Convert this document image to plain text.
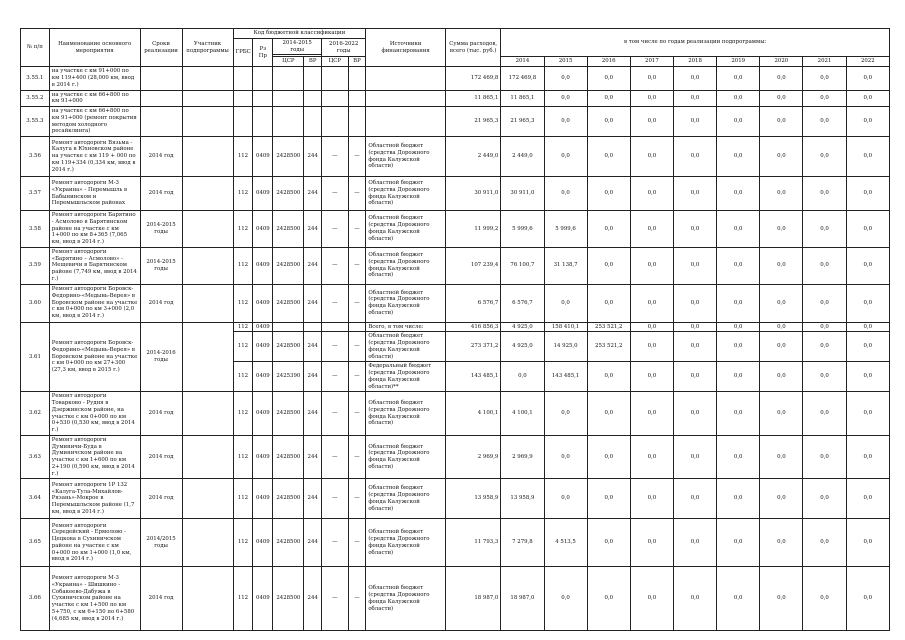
№ п/п	Наименование основного мероприятия	Сроки реализации	Участник подпрограммы	Код бюджетной классификации						Источники финансирования	Сумма расходов, всего (тыс. руб.)	в том числе по годам реализации подпрограммы:								
				ГРБС	Рз Пр	2014-2015 годы		2016-2022 годы												

						ЦСР	ВР	ЦСР	ВР			2014	2015	2016	2017	2018	2019	2020	2021	2022
3.55.1	на участке с км 91+000 по км 119+400 (28,000 км, ввод в 2014 г.)										172 469,8	172 469,8	0,0	0,0	0,0	0,0	0,0	0,0	0,0	0,0
3.55.2	на участке с км 66+800 по км 91+000										11 865,1	11 865,1	0,0	0,0	0,0	0,0	0,0	0,0	0,0	0,0
3.55.3	на участке с км 66+800 по км 91+000 (ремонт покрытия методом холодного ресайклинга)										21 965,3	21 965,3	0,0	0,0	0,0	0,0	0,0	0,0	0,0	0,0
3.56	Ремонт автодороги Вязьма - Калуга в Юхновском районе на участке с км 119 + 000 по км 119+334 (0,334 км, ввод в 2014 г.)	2014 год		112	0409	2428500	244	—	—	Областной бюджет (средства Дорожного фонда Калужской области)	2 449,0	2 449,0	0,0	0,0	0,0	0,0	0,0	0,0	0,0	0,0
3.57	Ремонт автодороги М-3 «Украина» - Перемышль в Бабынинском и Перемышльском районах	2014 год		112	0409	2428500	244	—	—	Областной бюджет (средства Дорожного фонда Калужской области)	30 911,0	30 911,0	0,0	0,0	0,0	0,0	0,0	0,0	0,0	0,0
3.58	Ремонт автодороги Барятино - Асмолово в Барятинском районе на участке с км 1+000 по км 8+365 (7,065 км, ввод в 2014 г.)	2014-2015 годы		112	0409	2428500	244	—	—	Областной бюджет (средства Дорожного фонда Калужской области)	11 999,2	5 999,6	5 999,6	0,0	0,0	0,0	0,0	0,0	0,0	0,0
3.59	Ремонт автодороги «Барятино – Асмолово» - Мещевичи в Барятинском районе (7,749 км, ввод в 2014 г.)	2014-2015 годы		112	0409	2428500	244	—	—	Областной бюджет (средства Дорожного фонда Калужской области)	107 239,4	76 100,7	31 138,7	0,0	0,0	0,0	0,0	0,0	0,0	0,0
3.60	Ремонт автодороги Боровск-Федорино-«Медынь-Верея» в Боровском районе на участке с км 0+000 по км 3+000 (2,0 км, ввод в 2014 г.)	2014 год		112	0409	2428500	244	—	—	Областной бюджет (средства Дорожного фонда Калужской области)	6 576,7	6 576,7	0,0	0,0	0,0	0,0	0,0	0,0	0,0	0,0
3.61	Ремонт автодороги Боровск-Федорино-«Медынь-Верея» в Боровском районе на участке с км 0+000 по км 27+300 (27,3 км, ввод в 2015 г.)	2014-2016 годы		112	0409					Всего, в том числе:	416 856,3	4 925,0	158 410,1	253 521,2	0,0	0,0	0,0	0,0	0,0	0,0
				112	0409	2428500	244	—	—	Областной бюджет (средства Дорожного фонда Калужской области)	273 371,2	4 925,0	14 925,0	253 521,2	0,0	0,0	0,0	0,0	0,0	0,0
				112	0409	2425390	244	—	—	Федеральный бюджет (средства Дорожного фонда Калужской области)**	143 485,1	0,0	143 485,1	0,0	0,0	0,0	0,0	0,0	0,0	0,0
3.62	Ремонт автодороги Товарково - Рудня в Дзержинском районе, на участке с км 0+000 по км 0+530 (0,530 км, ввод в 2014 г.)	2014 год		112	0409	2428500	244	—	—	Областной бюджет (средства Дорожного фонда Калужской области)	4 100,1	4 100,1	0,0	0,0	0,0	0,0	0,0	0,0	0,0	0,0
3.63	Ремонт автодороги Думиничи-Буда в Думиничском районе на участке с км 1+600 по км 2+190 (0,590 км, ввод в 2014 г.)	2014 год		112	0409	2428500	244	—	—	Областной бюджет (средства Дорожного фонда Калужской области)	2 969,9	2 969,9	0,0	0,0	0,0	0,0	0,0	0,0	0,0	0,0
3.64	Ремонт автодороги 1Р 132 «Калуга-Тула-Михайлов-Рязань»-Мокрое в Перемышльском районе (1,7 км, ввод в 2014 г.)	2014 год		112	0409	2428500	244	—	—	Областной бюджет (средства Дорожного фонда Калужской области)	13 958,9	13 958,9	0,0	0,0	0,0	0,0	0,0	0,0	0,0	0,0
3.65	Ремонт автодороги Середейский - Ермолово - Цецкова в Сухиничском районе на участке с км 0+000 по км 1+000 (1,0 км, ввод в 2014 г.)	2014/2015 годы		112	0409	2428500	244	—	—	Областной бюджет (средства Дорожного фонда Калужской области)	11 793,3	7 279,8	4 513,5	0,0	0,0	0,0	0,0	0,0	0,0	0,0
3.66	Ремонт автодороги М-3 «Украина» - Шишкино - Собакеево-Дабужа в Сухиничском районе на участке с км 1+500 по км 5+750, с км 6+150 по 6+580 (4,685 км, ввод в 2014 г.)	2014 год		112	0409	2428500	244	—	—	Областной бюджет (средства Дорожного фонда Калужской области)	18 987,0	18 987,0	0,0	0,0	0,0	0,0	0,0	0,0	0,0	0,0
